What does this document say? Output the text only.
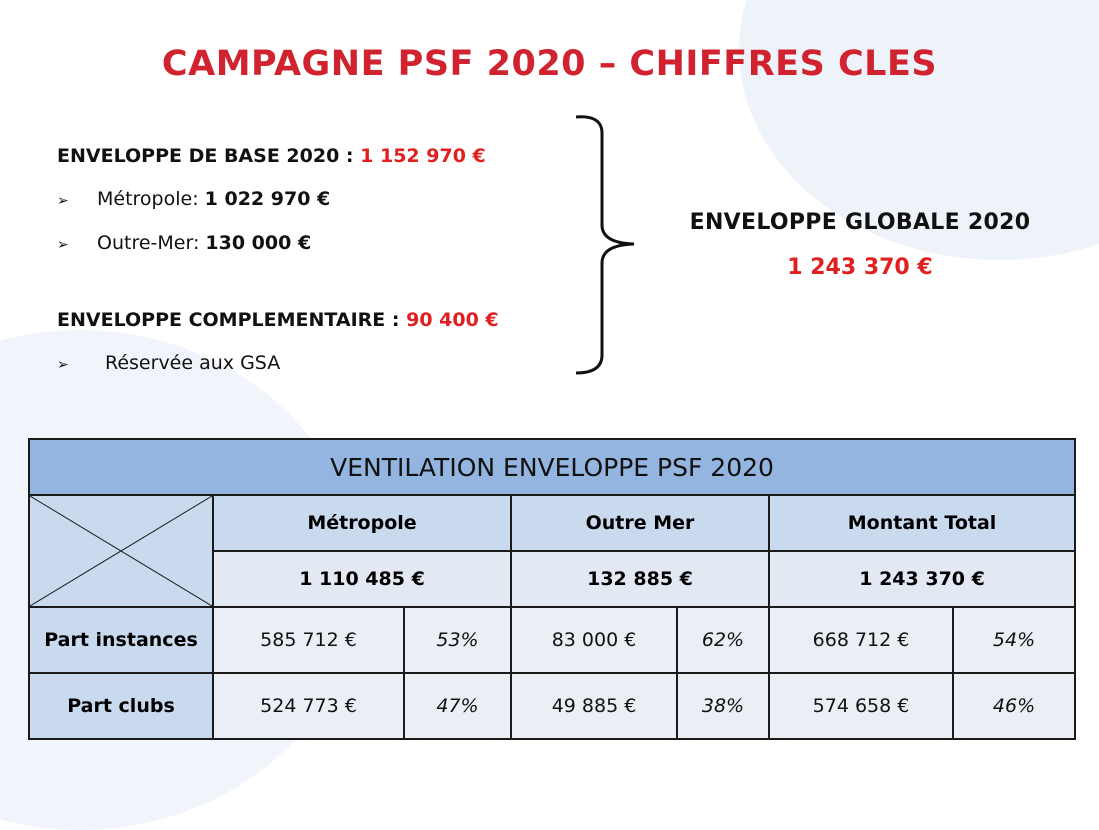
CAMPAGNE PSF 2020 – CHIFFRES CLES
ENVELOPPE DE BASE 2020 : 1 152 970 €
➢ Métropole: 1 022 970 €
➢ Outre-Mer: 130 000 €
ENVELOPPE COMPLEMENTAIRE : 90 400 €
➢ Réservée aux GSA
ENVELOPPE GLOBALE 2020
1 243 370 €
VENTILATION ENVELOPPE PSF 2020						

	Métropole		Outre Mer		Montant Total	
	1 110 485 €		132 885 €		1 243 370 €	
Part instances	585 712 €	53%	83 000 €	62%	668 712 €	54%
Part clubs	524 773 €	47%	49 885 €	38%	574 658 €	46%
